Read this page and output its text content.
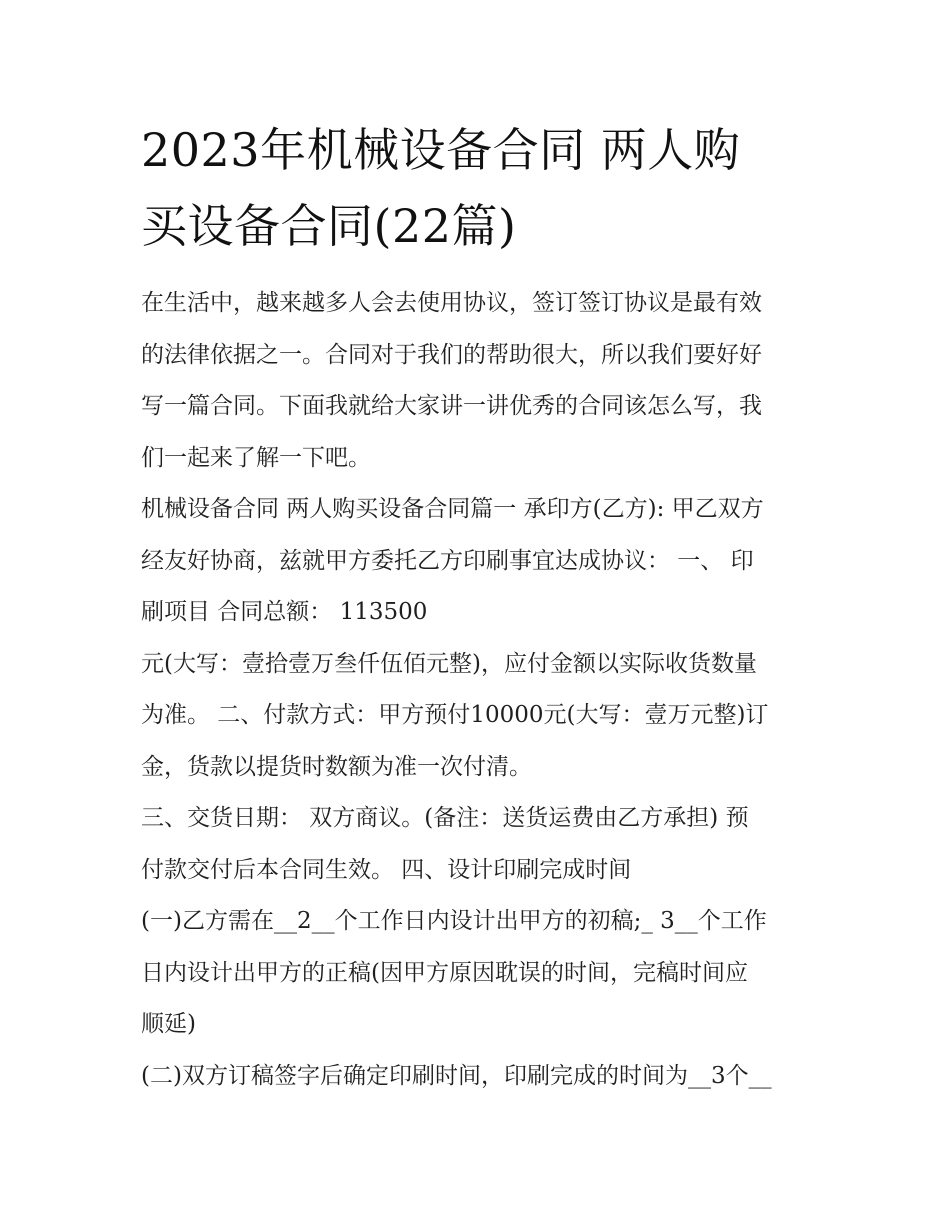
2023年机械设备合同 两人购
买设备合同(22篇)

在生活中，越来越多人会去使用协议，签订签订协议是最有效
的法律依据之一。合同对于我们的帮助很大，所以我们要好好
写一篇合同。下面我就给大家讲一讲优秀的合同该怎么写，我
们一起来了解一下吧。

机械设备合同 两人购买设备合同篇一 承印方(乙方): 甲乙双方
经友好协商，兹就甲方委托乙方印刷事宜达成协议： 一、 印
刷项目 合同总额： 113500

元(大写：壹拾壹万叁仟伍佰元整)，应付金额以实际收货数量
为准。 二、付款方式：甲方预付10000元(大写：壹万元整)订
金，货款以提货时数额为准一次付清。

三、交货日期： 双方商议。(备注：送货运费由乙方承担) 预
付款交付后本合同生效。 四、设计印刷完成时间

(一)乙方需在__2__个工作日内设计出甲方的初稿;_ 3__个工作
日内设计出甲方的正稿(因甲方原因耽误的时间，完稿时间应
顺延)

(二)双方订稿签字后确定印刷时间，印刷完成的时间为__3个__
